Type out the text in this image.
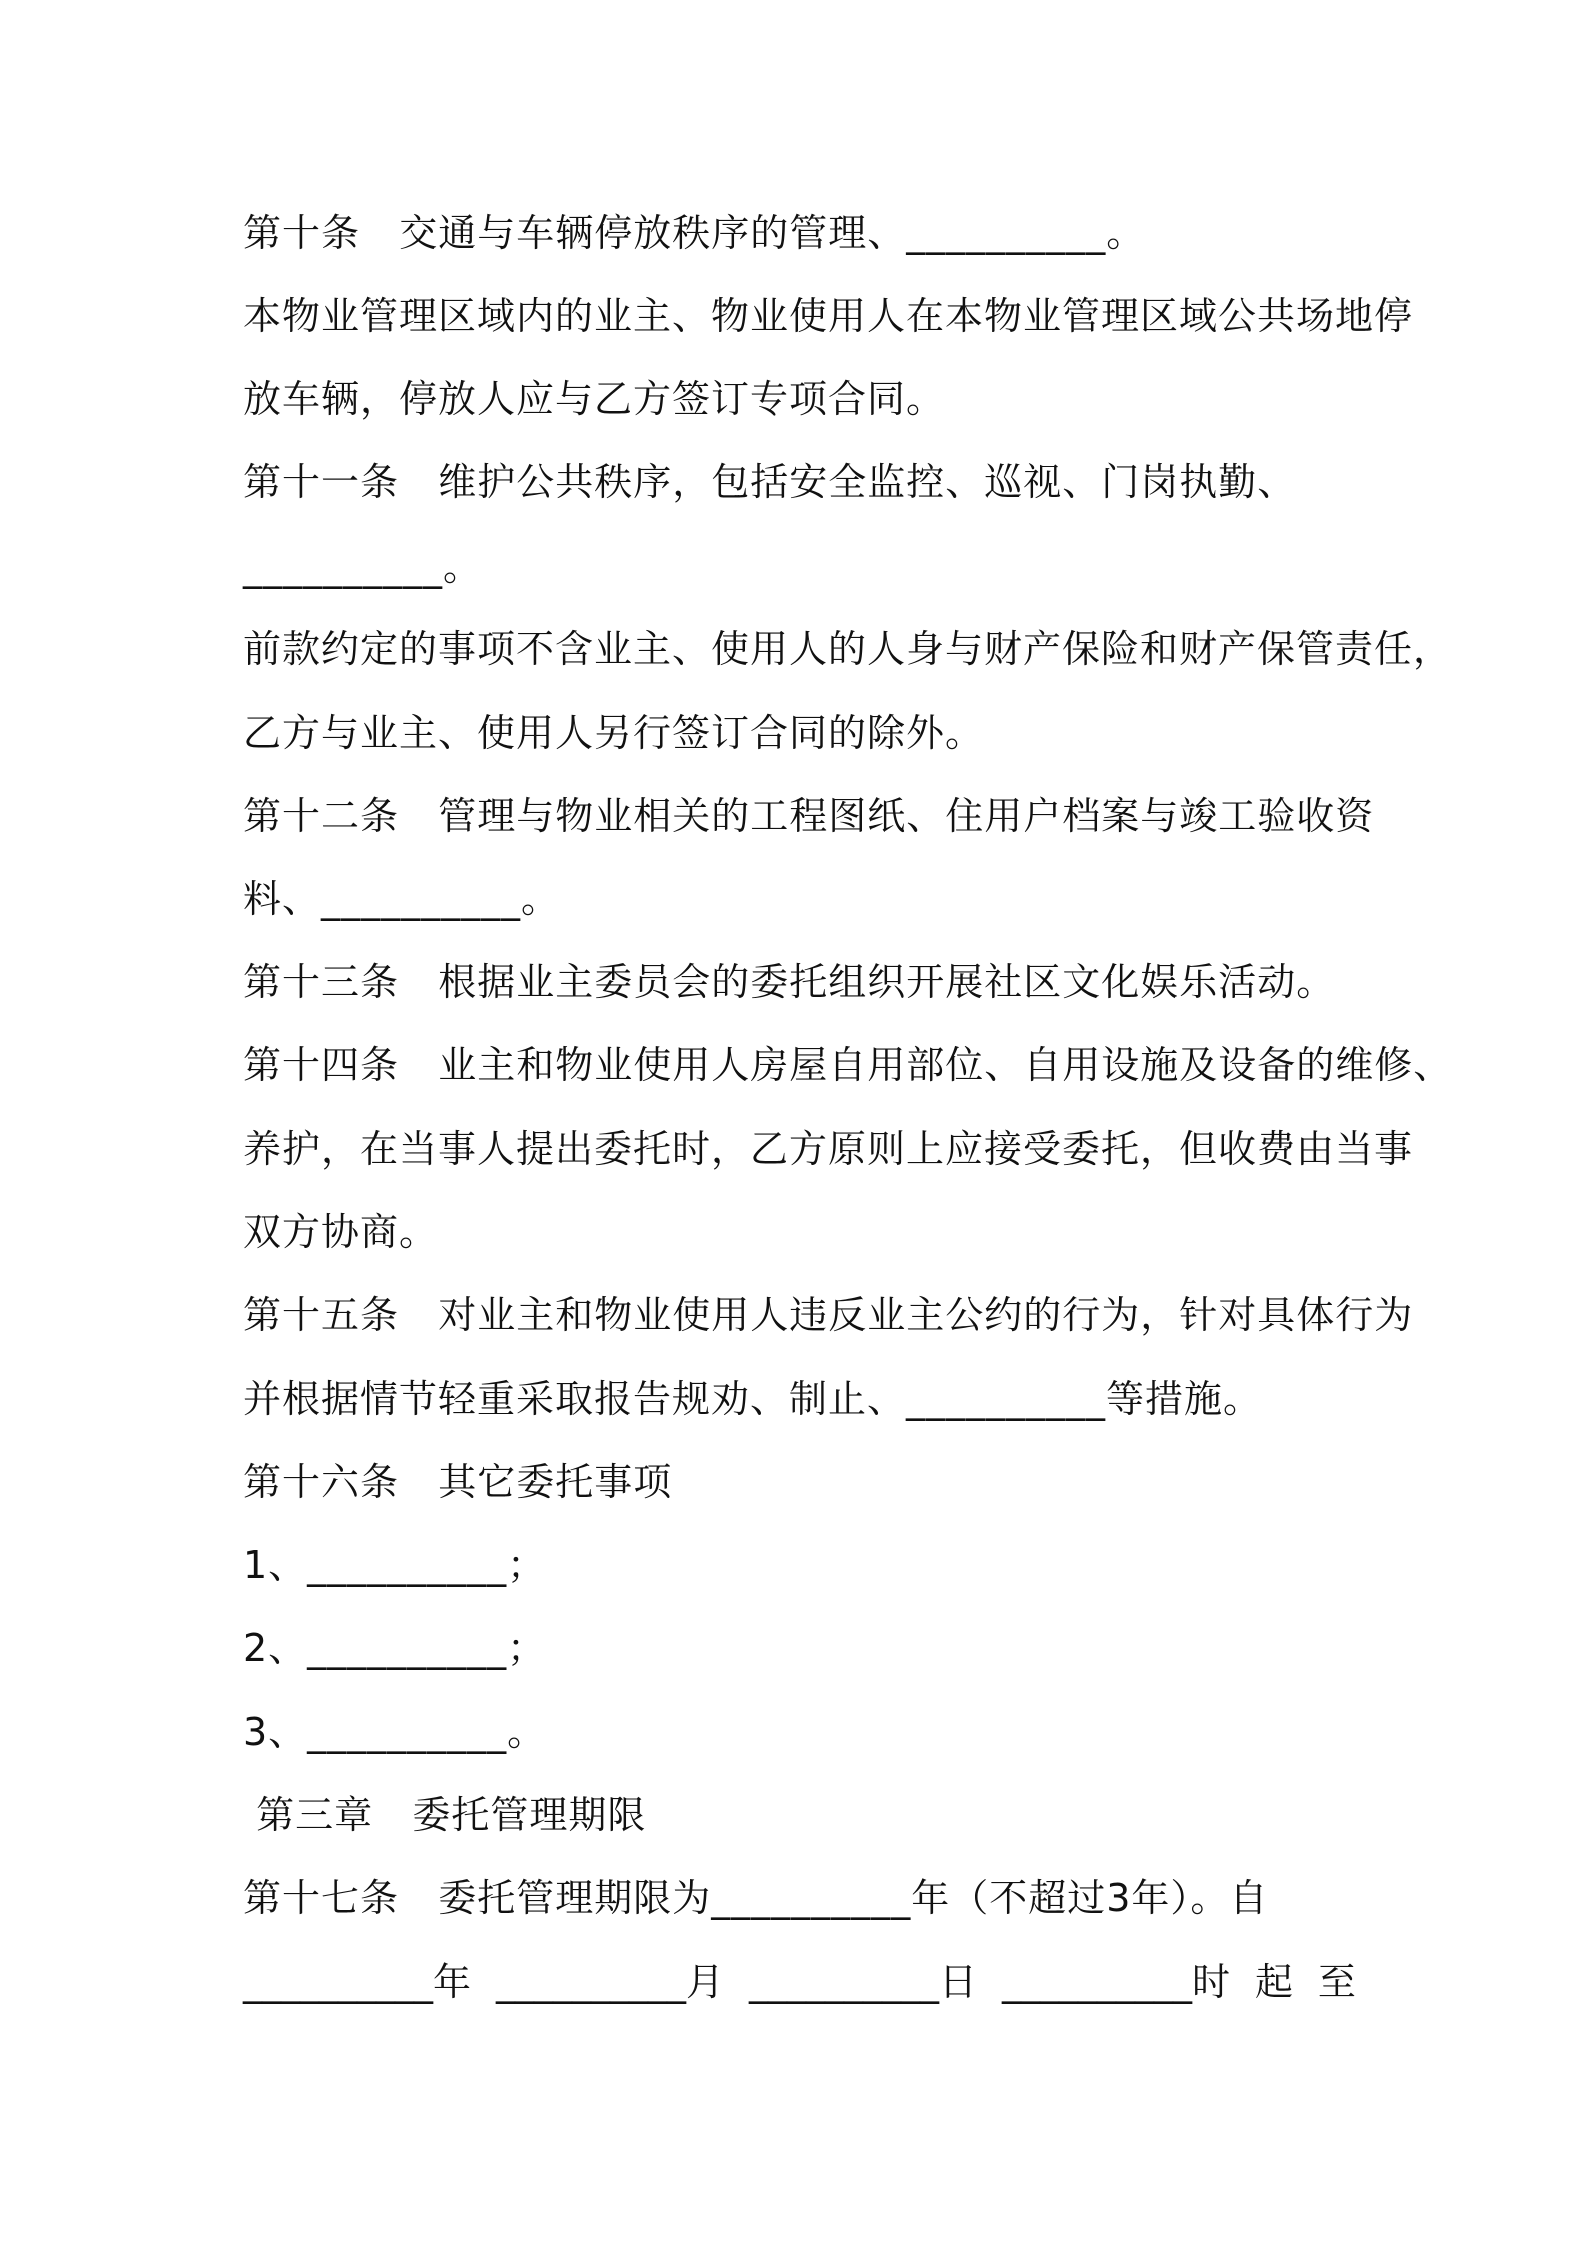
第十条   交通与车辆停放秩序的管理、__________。
本物业管理区域内的业主、物业使用人在本物业管理区域公共场地停
放车辆，停放人应与乙方签订专项合同。
第十一条   维护公共秩序，包括安全监控、巡视、门岗执勤、
__________。
前款约定的事项不含业主、使用人的人身与财产保险和财产保管责任，
乙方与业主、使用人另行签订合同的除外。
第十二条   管理与物业相关的工程图纸、住用户档案与竣工验收资
料、__________。
第十三条   根据业主委员会的委托组织开展社区文化娱乐活动。
第十四条   业主和物业使用人房屋自用部位、自用设施及设备的维修、
养护，在当事人提出委托时，乙方原则上应接受委托，但收费由当事
双方协商。
第十五条   对业主和物业使用人违反业主公约的行为，针对具体行为
并根据情节轻重采取报告规劝、制止、__________等措施。
第十六条   其它委托事项
1、__________；
2、__________；
3、__________。
第三章   委托管理期限
第十七条   委托管理期限为__________年（不超过3年）。自
__________年 __________月 __________日 __________时 起 至
